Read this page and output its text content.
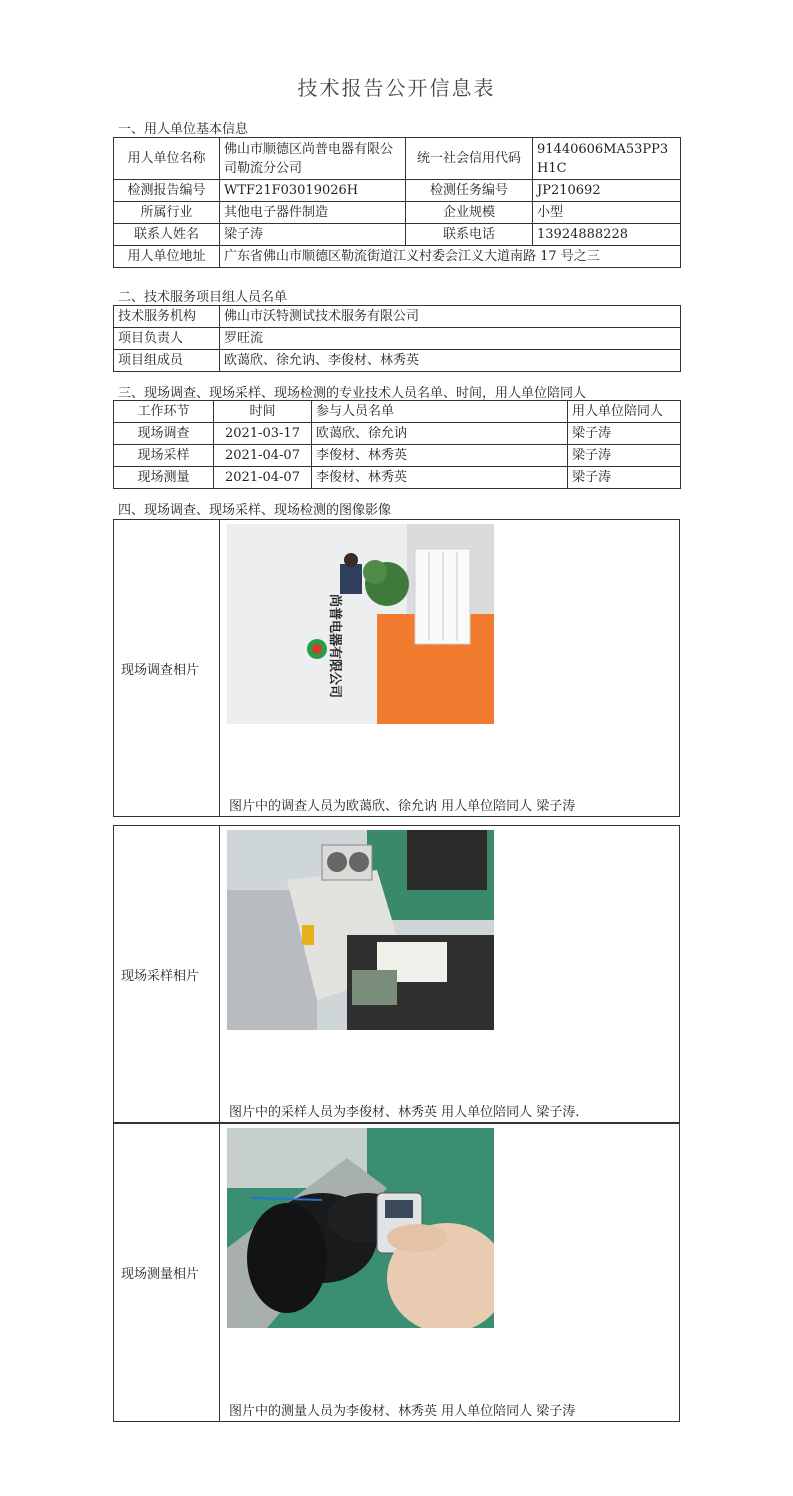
技术报告公开信息表
一、用人单位基本信息
用人单位名称	佛山市顺德区尚普电器有限公司勒流分公司	统一社会信用代码	91440606MA53PP3H1C
检测报告编号	WTF21F03019026H	检测任务编号	JP210692
所属行业	其他电子器件制造	企业规模	小型
联系人姓名	梁子涛	联系电话	13924888228
用人单位地址	广东省佛山市顺德区勒流街道江义村委会江义大道南路 17 号之三		
二、技术服务项目组人员名单
技术服务机构	佛山市沃特测试技术服务有限公司
项目负责人	罗旺流
项目组成员	欧蔼欣、徐允讷、李俊材、林秀英
三、现场调查、现场采样、现场检测的专业技术人员名单、时间，用人单位陪同人
工作环节	时间	参与人员名单	用人单位陪同人
现场调查	2021-03-17	欧蔼欣、徐允讷	梁子涛
现场采样	2021-04-07	李俊材、林秀英	梁子涛
现场测量	2021-04-07	李俊材、林秀英	梁子涛
四、现场调查、现场采样、现场检测的图像影像
现场调查相片	尚普电器有限公司
图片中的调查人员为欧蔼欣、徐允讷 用人单位陪同人 梁子涛
现场采样相片
图片中的采样人员为李俊材、林秀英 用人单位陪同人 梁子涛.
现场测量相片
图片中的测量人员为李俊材、林秀英 用人单位陪同人 梁子涛
